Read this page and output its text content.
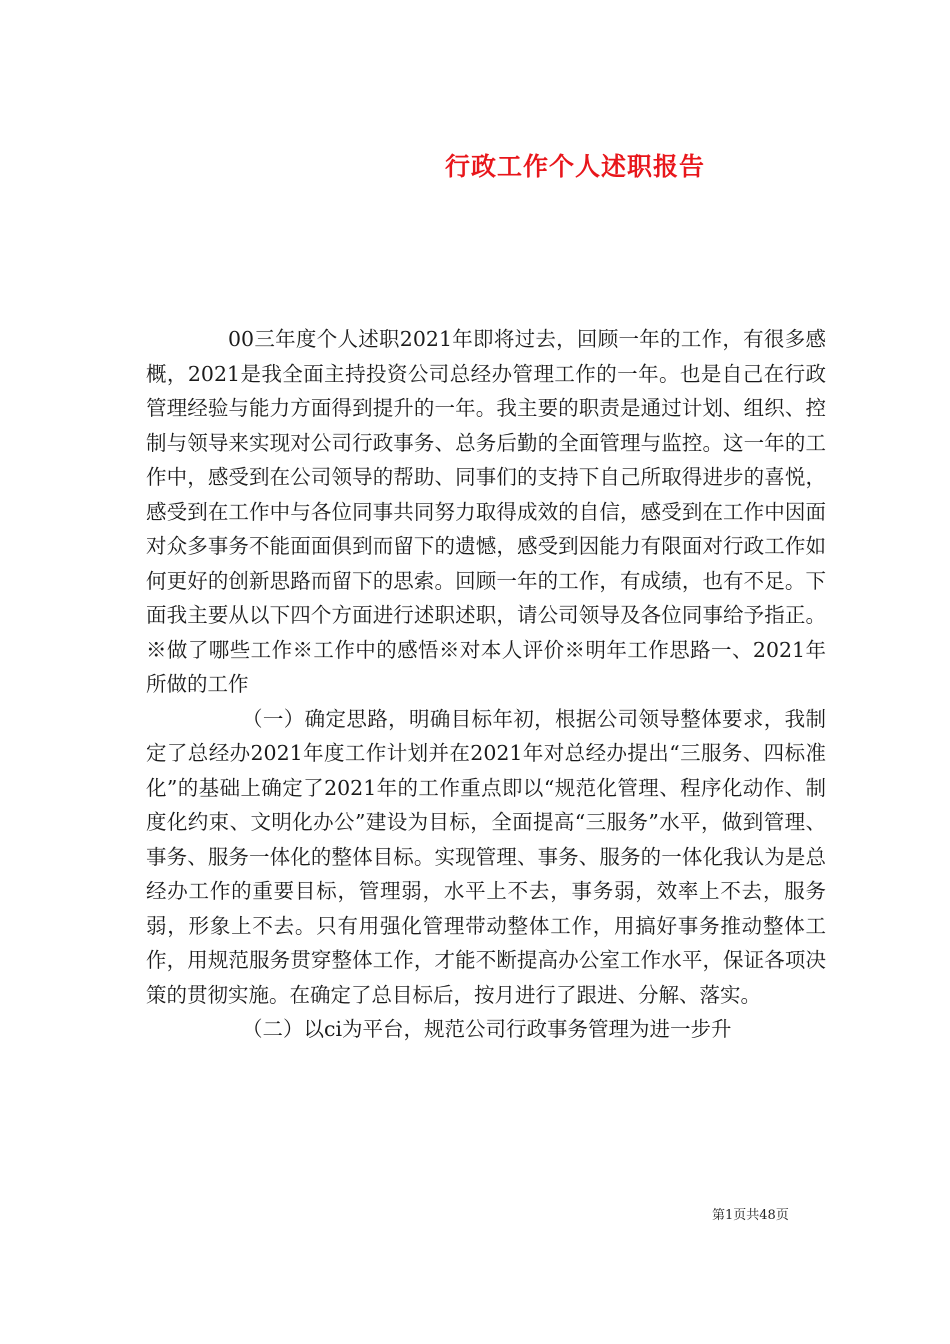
行政工作个人述职报告

00三年度个人述职2021年即将过去，回顾一年的工作，有很多感概，2021是我全面主持投资公司总经办管理工作的一年。也是自己在行政管理经验与能力方面得到提升的一年。我主要的职责是通过计划、组织、控制与领导来实现对公司行政事务、总务后勤的全面管理与监控。这一年的工作中，感受到在公司领导的帮助、同事们的支持下自己所取得进步的喜悦，感受到在工作中与各位同事共同努力取得成效的自信，感受到在工作中因面对众多事务不能面面俱到而留下的遗憾，感受到因能力有限面对行政工作如何更好的创新思路而留下的思索。回顾一年的工作，有成绩，也有不足。下面我主要从以下四个方面进行述职述职，请公司领导及各位同事给予指正。※做了哪些工作※工作中的感悟※对本人评价※明年工作思路一、2021年所做的工作

（一）确定思路，明确目标年初，根据公司领导整体要求，我制定了总经办2021年度工作计划并在2021年对总经办提出“三服务、四标准化”的基础上确定了2021年的工作重点即以“规范化管理、程序化动作、制度化约束、文明化办公”建设为目标，全面提高“三服务”水平，做到管理、事务、服务一体化的整体目标。实现管理、事务、服务的一体化我认为是总经办工作的重要目标，管理弱，水平上不去，事务弱，效率上不去，服务弱，形象上不去。只有用强化管理带动整体工作，用搞好事务推动整体工作，用规范服务贯穿整体工作，才能不断提高办公室工作水平，保证各项决策的贯彻实施。在确定了总目标后，按月进行了跟进、分解、落实。

（二）以ci为平台，规范公司行政事务管理为进一步升

第1页共48页
